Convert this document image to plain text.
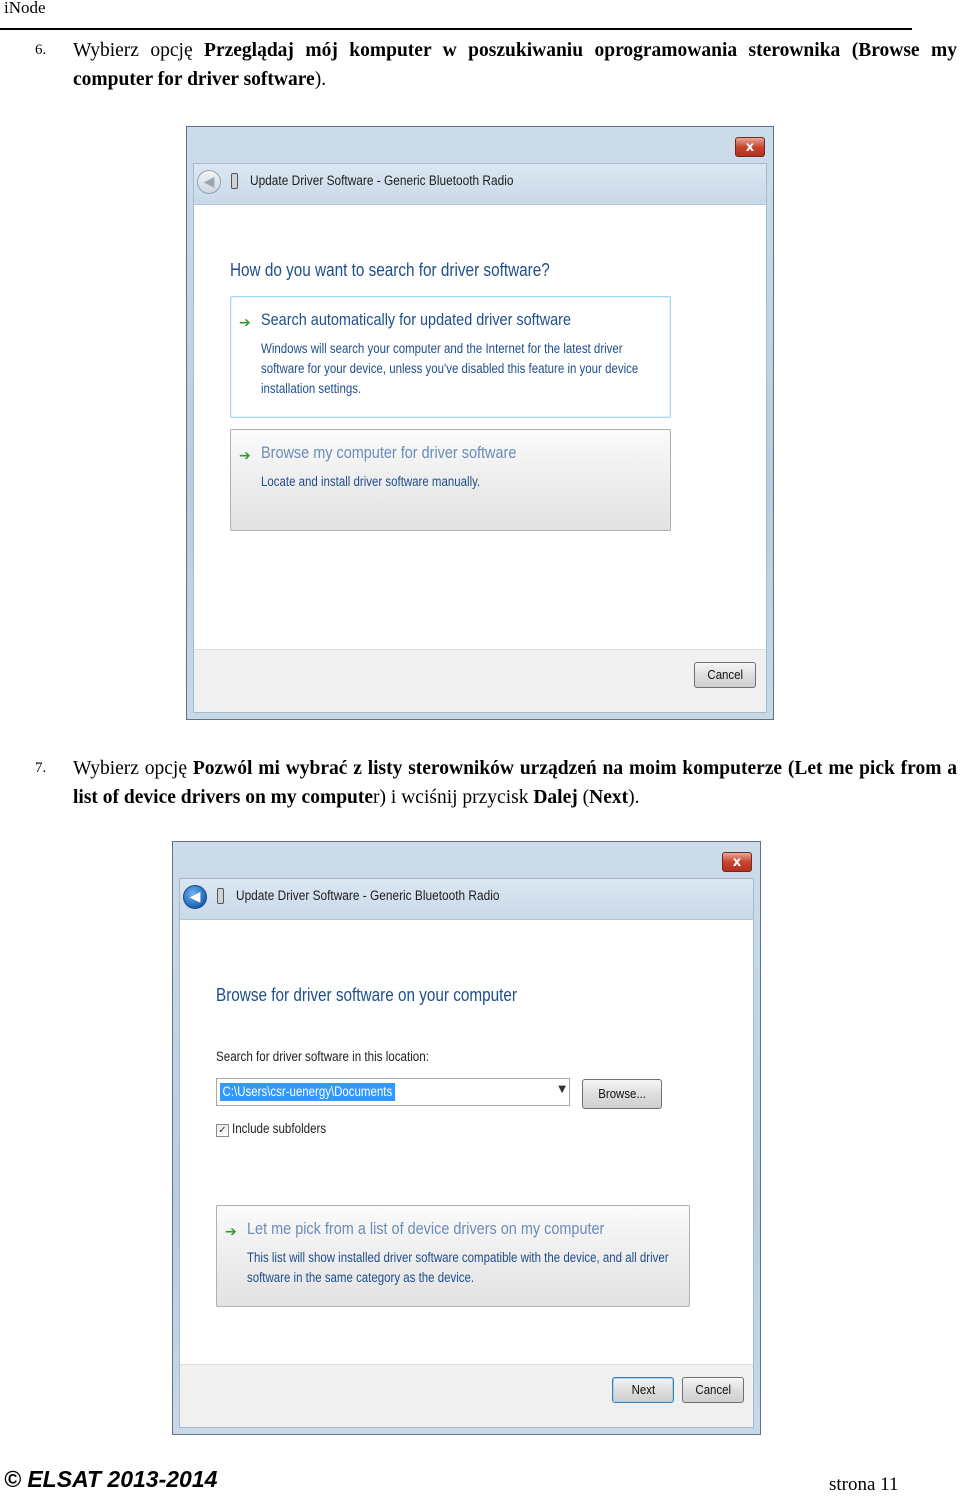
iNode
6. Wybierz opcję Przeglądaj mój komputer w poszukiwaniu oprogramowania sterownika (Browse my computer for driver software).
x
◀	Update Driver Software - Generic Bluetooth Radio
How do you want to search for driver software?
➔ Search automatically for updated driver software
Windows will search your computer and the Internet for the latest driver software for your device, unless you've disabled this feature in your device installation settings.
➔ Browse my computer for driver software
Locate and install driver software manually.
Cancel
7. Wybierz opcję Pozwól mi wybrać z listy sterowników urządzeń na moim komputerze (Let me pick from a list of device drivers on my computer) i wciśnij przycisk Dalej (Next).
x
◀	Update Driver Software - Generic Bluetooth Radio
Browse for driver software on your computer
Search for driver software in this location:
C:\Users\csr-uenergy\Documents	▼	Browse...
✓ Include subfolders
➔ Let me pick from a list of device drivers on my computer
This list will show installed driver software compatible with the device, and all driver software in the same category as the device.
Next	Cancel
© ELSAT 2013-2014	strona 11
